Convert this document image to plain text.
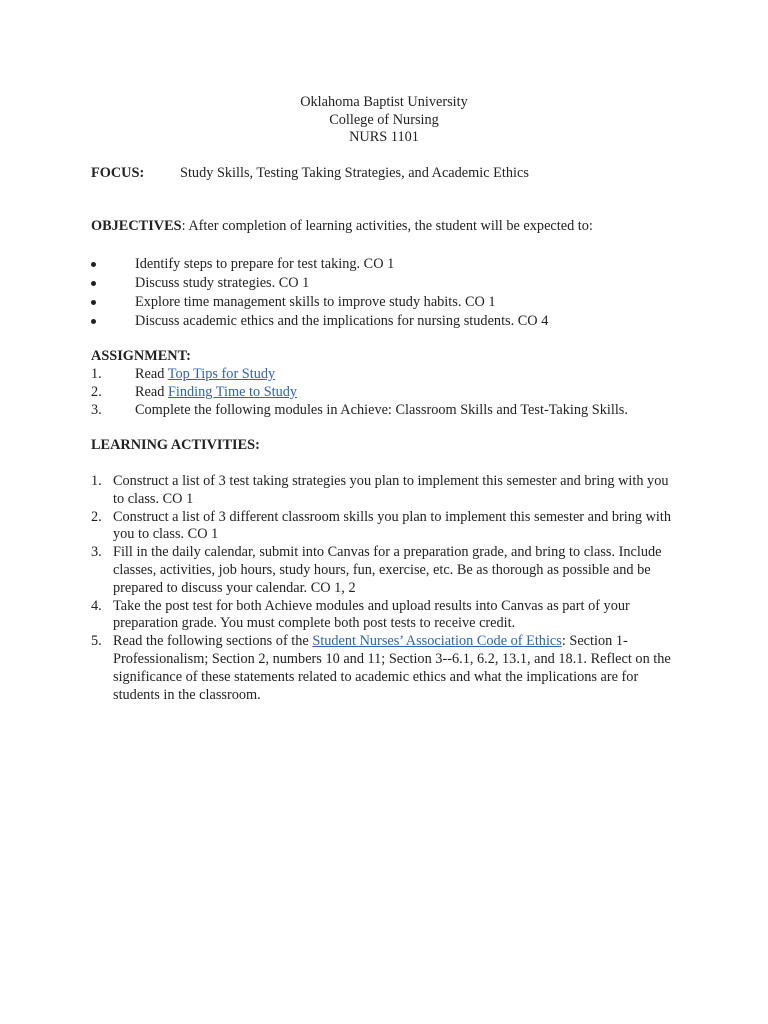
Oklahoma Baptist University
College of Nursing
NURS 1101
FOCUS:	Study Skills, Testing Taking Strategies, and Academic Ethics
OBJECTIVES: After completion of learning activities, the student will be expected to:
Identify steps to prepare for test taking. CO 1
Discuss study strategies. CO 1
Explore time management skills to improve study habits. CO 1
Discuss academic ethics and the implications for nursing students. CO 4
ASSIGNMENT:
1. Read Top Tips for Study
2. Read Finding Time to Study
3. Complete the following modules in Achieve: Classroom Skills and Test-Taking Skills.
LEARNING ACTIVITIES:
1. Construct a list of 3 test taking strategies you plan to implement this semester and bring with you to class. CO 1
2. Construct a list of 3 different classroom skills you plan to implement this semester and bring with you to class. CO 1
3. Fill in the daily calendar, submit into Canvas for a preparation grade, and bring to class. Include classes, activities, job hours, study hours, fun, exercise, etc. Be as thorough as possible and be prepared to discuss your calendar. CO 1, 2
4. Take the post test for both Achieve modules and upload results into Canvas as part of your preparation grade. You must complete both post tests to receive credit.
5. Read the following sections of the Student Nurses’ Association Code of Ethics: Section 1-Professionalism; Section 2, numbers 10 and 11; Section 3--6.1, 6.2, 13.1, and 18.1. Reflect on the significance of these statements related to academic ethics and what the implications are for students in the classroom.
